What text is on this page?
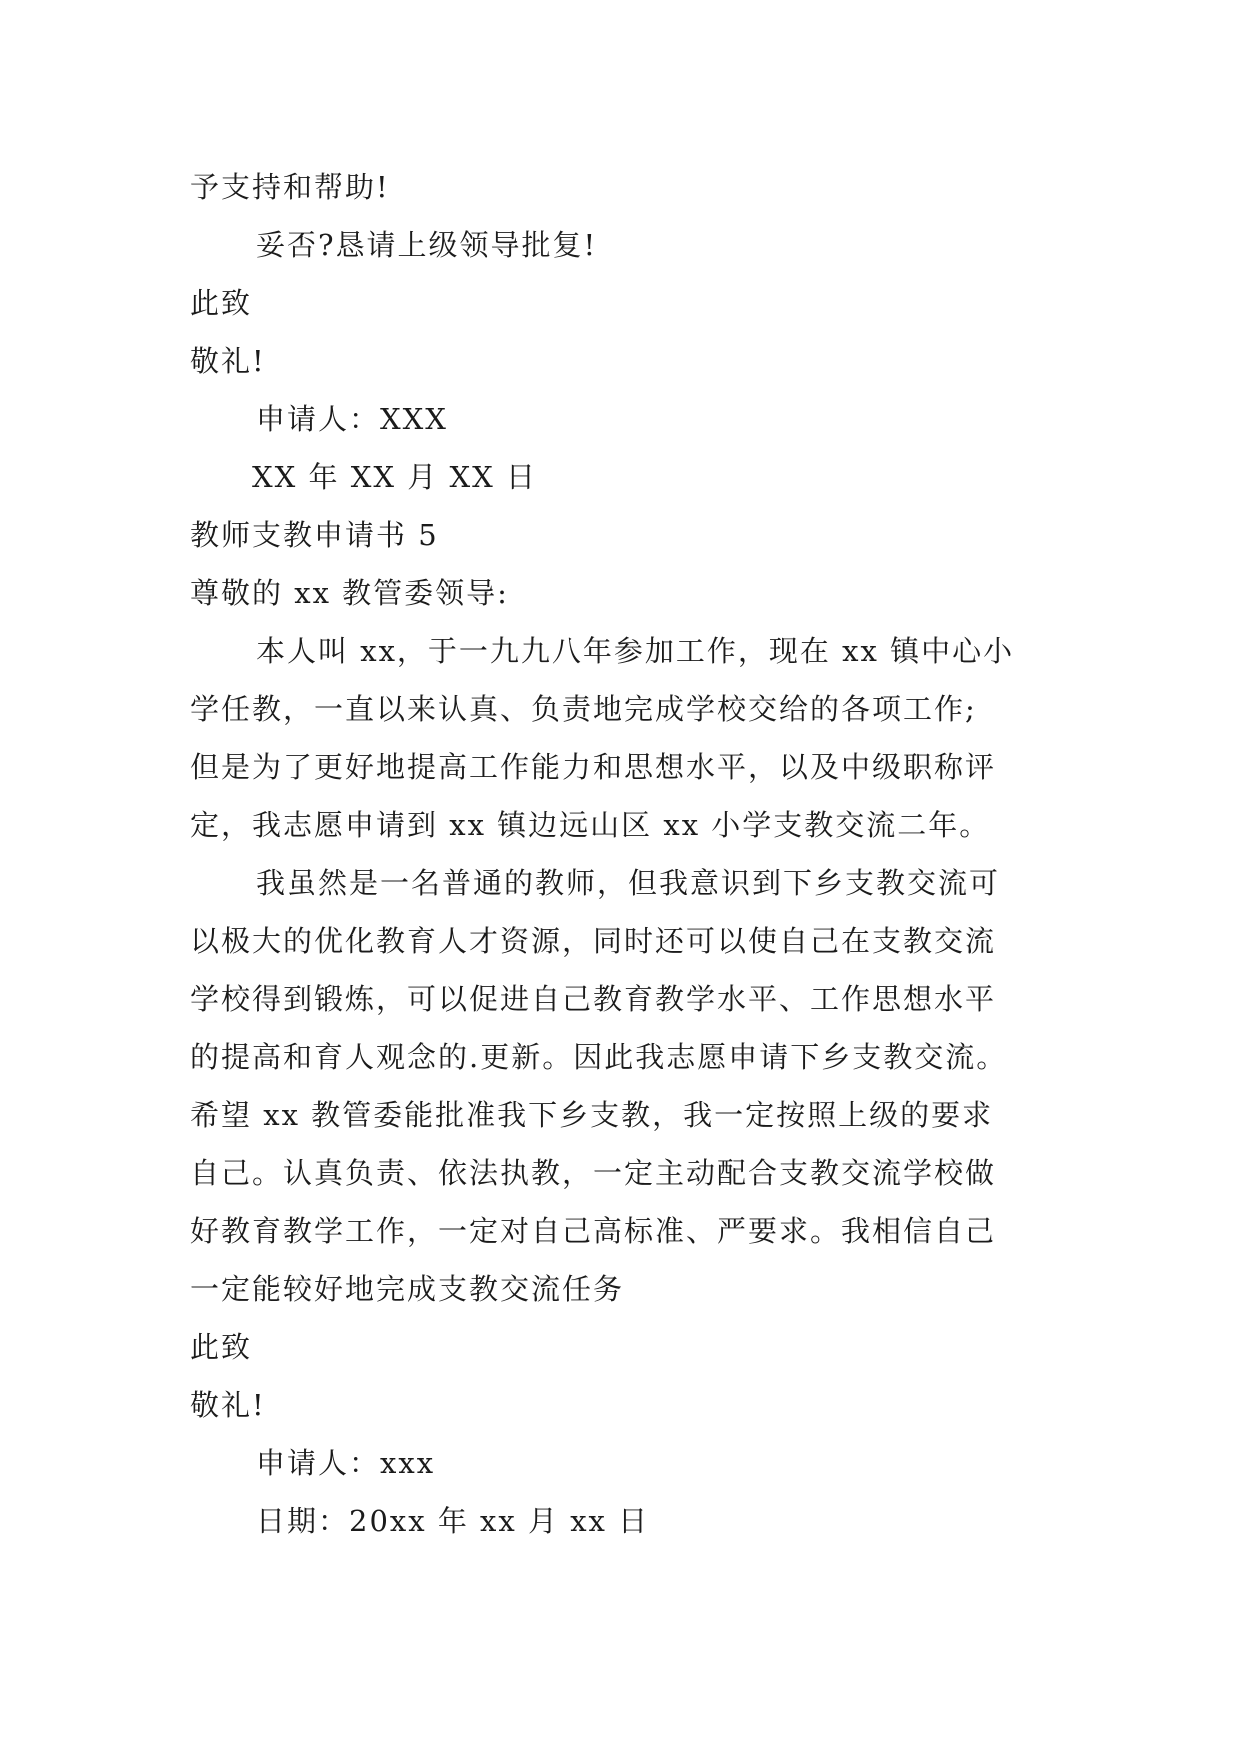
予支持和帮助!

妥否?恳请上级领导批复!

此致

敬礼!

申请人：XXX

XX 年 XX 月 XX 日

教师支教申请书 5

尊敬的 xx 教管委领导:

本人叫 xx，于一九九八年参加工作，现在 xx 镇中心小

学任教，一直以来认真、负责地完成学校交给的各项工作;

但是为了更好地提高工作能力和思想水平，以及中级职称评

定，我志愿申请到 xx 镇边远山区 xx 小学支教交流二年。

我虽然是一名普通的教师，但我意识到下乡支教交流可

以极大的优化教育人才资源，同时还可以使自己在支教交流

学校得到锻炼，可以促进自己教育教学水平、工作思想水平

的提高和育人观念的.更新。因此我志愿申请下乡支教交流。

希望 xx 教管委能批准我下乡支教，我一定按照上级的要求

自己。认真负责、依法执教，一定主动配合支教交流学校做

好教育教学工作，一定对自己高标准、严要求。我相信自己

一定能较好地完成支教交流任务

此致

敬礼!

申请人：xxx

日期：20xx 年 xx 月 xx 日
